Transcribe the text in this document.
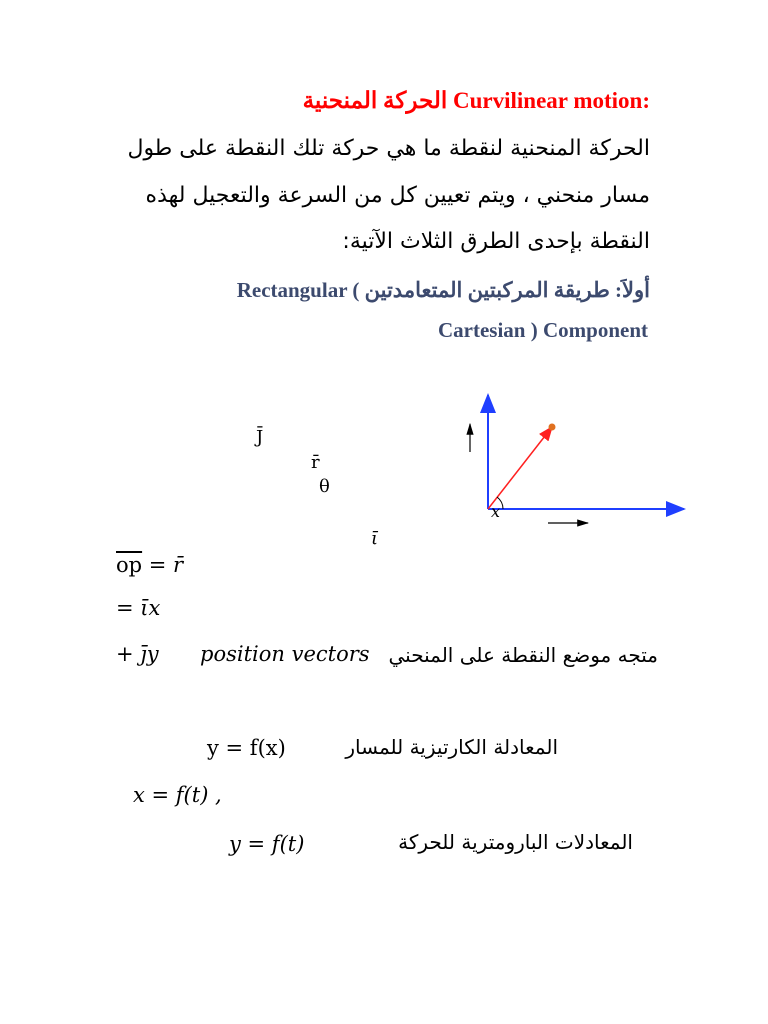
الحركة المنحنية Curvilinear motion:
الحركة المنحنية لنقطة ما هي حركة تلك النقطة على طول
مسار منحني ، ويتم تعيين كل من السرعة والتعجيل لهذه
النقطة بإحدى الطرق الثلاث الآتية:
Rectangular أولاَ: طريقة المركبتين المتعامدتين )
Cartesian ) Component
J̄
r̄
θ
ῑ
x
$\overline{op}$ = r̄
= ῑx
+ j̄y position vectors متجه موضع النقطة على المنحني
y = f(x)	المعادلة الكارتيزية للمسار
x = f(t) ,
y = f(t)	المعادلات البارومترية للحركة
